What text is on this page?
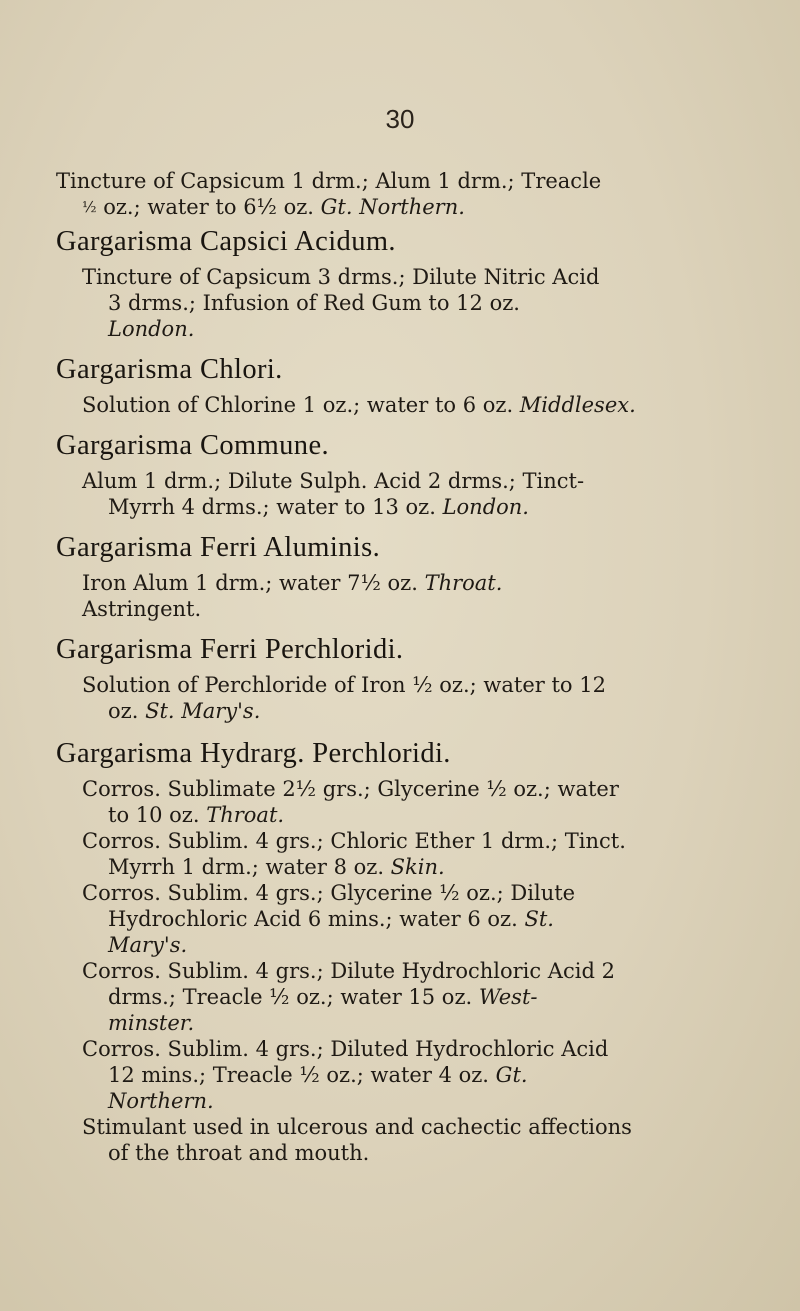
30
Tincture of Capsicum 1 drm.; Alum 1 drm.; Treacle
½ oz.; water to 6½ oz. Gt. Northern.
Gargarisma Capsici Acidum.
Tincture of Capsicum 3 drms.; Dilute Nitric Acid
3 drms.; Infusion of Red Gum to 12 oz.
London.
Gargarisma Chlori.
Solution of Chlorine 1 oz.; water to 6 oz. Middlesex.
Gargarisma Commune.
Alum 1 drm.; Dilute Sulph. Acid 2 drms.; Tinct-
Myrrh 4 drms.; water to 13 oz. London.
Gargarisma Ferri Aluminis.
Iron Alum 1 drm.; water 7½ oz. Throat.
Astringent.
Gargarisma Ferri Perchloridi.
Solution of Perchloride of Iron ½ oz.; water to 12
oz. St. Mary's.
Gargarisma Hydrarg. Perchloridi.
Corros. Sublimate 2½ grs.; Glycerine ½ oz.; water
to 10 oz. Throat.
Corros. Sublim. 4 grs.; Chloric Ether 1 drm.; Tinct.
Myrrh 1 drm.; water 8 oz. Skin.
Corros. Sublim. 4 grs.; Glycerine ½ oz.; Dilute
Hydrochloric Acid 6 mins.; water 6 oz. St.
Mary's.
Corros. Sublim. 4 grs.; Dilute Hydrochloric Acid 2
drms.; Treacle ½ oz.; water 15 oz. West-
minster.
Corros. Sublim. 4 grs.; Diluted Hydrochloric Acid
12 mins.; Treacle ½ oz.; water 4 oz. Gt.
Northern.
Stimulant used in ulcerous and cachectic affections
of the throat and mouth.
